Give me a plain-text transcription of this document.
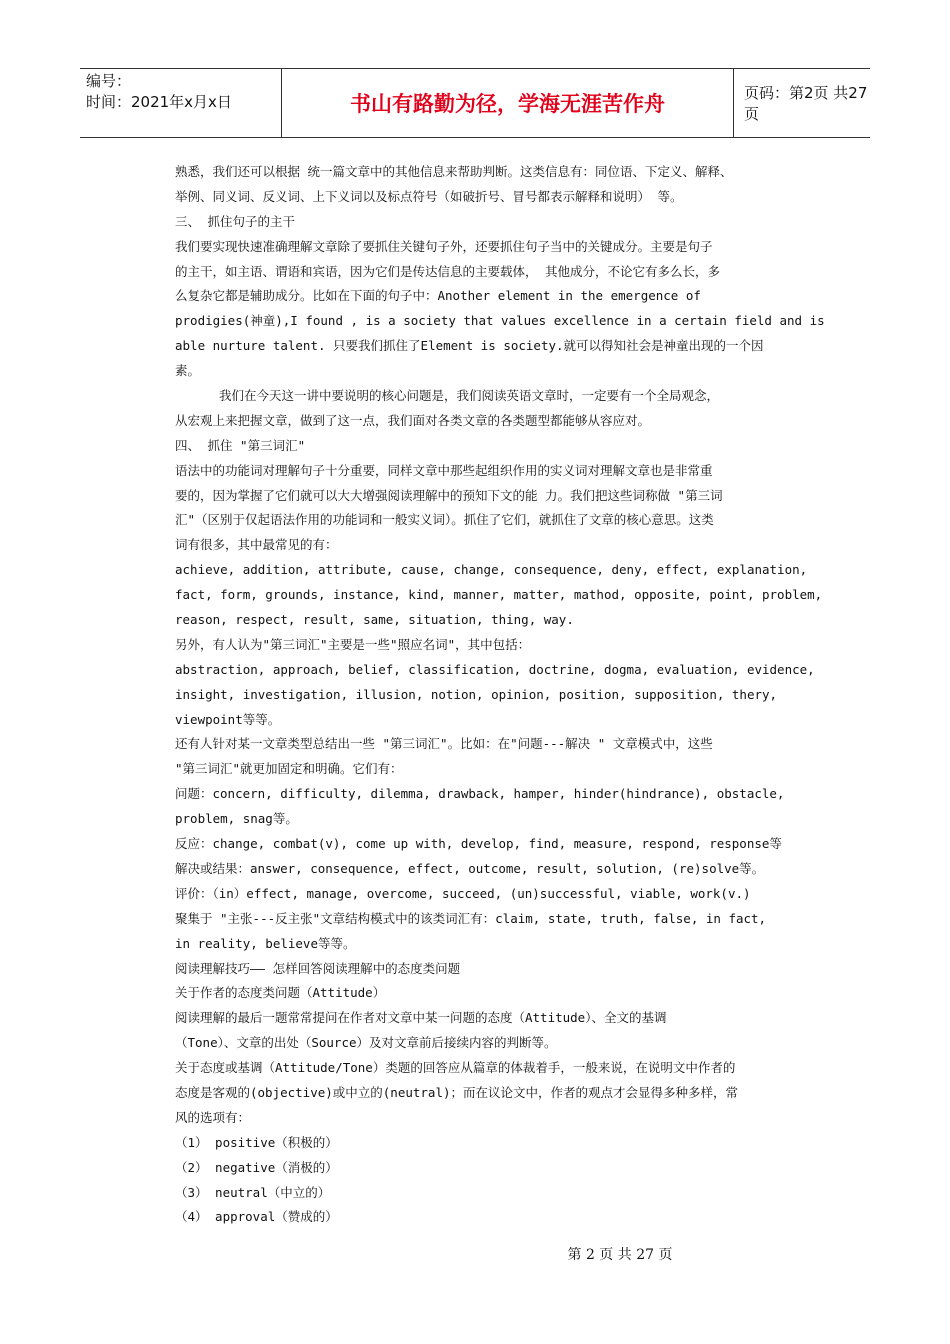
编号：
时间：2021年x月x日	书山有路勤为径，学海无涯苦作舟	页码：第2页 共27页
熟悉，我们还可以根据 统一篇文章中的其他信息来帮助判断。这类信息有：同位语、下定义、解释、
举例、同义词、反义词、上下义词以及标点符号（如破折号、冒号都表示解释和说明） 等。
三、 抓住句子的主干
我们要实现快速准确理解文章除了要抓住关键句子外，还要抓住句子当中的关键成分。主要是句子
的主干，如主语、谓语和宾语，因为它们是传达信息的主要载体， 其他成分，不论它有多么长，多
么复杂它都是辅助成分。比如在下面的句子中：Another element in the emergence of
prodigies(神童),I found , is a society that values excellence in a certain field and is
able nurture talent. 只要我们抓住了Element is society.就可以得知社会是神童出现的一个因
素。
我们在今天这一讲中要说明的核心问题是，我们阅读英语文章时，一定要有一个全局观念，
从宏观上来把握文章，做到了这一点，我们面对各类文章的各类题型都能够从容应对。
四、 抓住 "第三词汇"
语法中的功能词对理解句子十分重要，同样文章中那些起组织作用的实义词对理解文章也是非常重
要的，因为掌握了它们就可以大大增强阅读理解中的预知下文的能 力。我们把这些词称做 "第三词
汇"（区别于仅起语法作用的功能词和一般实义词）。抓住了它们，就抓住了文章的核心意思。这类
词有很多，其中最常见的有：
achieve, addition, attribute, cause, change, consequence, deny, effect, explanation,
fact, form, grounds, instance, kind, manner, matter, mathod, opposite, point, problem,
reason, respect, result, same, situation, thing, way.
另外，有人认为"第三词汇"主要是一些"照应名词"，其中包括：
abstraction, approach, belief, classification, doctrine, dogma, evaluation, evidence,
insight, investigation, illusion, notion, opinion, position, supposition, thery,
viewpoint等等。
还有人针对某一文章类型总结出一些 "第三词汇"。比如：在"问题---解决 " 文章模式中，这些
"第三词汇"就更加固定和明确。它们有：
问题：concern, difficulty, dilemma, drawback, hamper, hinder(hindrance), obstacle,
problem, snag等。
反应：change, combat(v), come up with, develop, find, measure, respond, response等
解决或结果：answer, consequence, effect, outcome, result, solution, (re)solve等。
评价：（in）effect, manage, overcome, succeed, (un)successful, viable, work(v.)
聚集于 "主张---反主张"文章结构模式中的该类词汇有：claim, state, truth, false, in fact,
in reality, believe等等。
阅读理解技巧—— 怎样回答阅读理解中的态度类问题
关于作者的态度类问题（Attitude）
阅读理解的最后一题常常提问在作者对文章中某一问题的态度（Attitude）、全文的基调
（Tone）、文章的出处（Source）及对文章前后接续内容的判断等。
关于态度或基调（Attitude/Tone）类题的回答应从篇章的体裁着手，一般来说，在说明文中作者的
态度是客观的(objective)或中立的(neutral)；而在议论文中，作者的观点才会显得多种多样，常
风的选项有：
（1） positive（积极的）
（2） negative（消极的）
（3） neutral（中立的）
（4） approval（赞成的）
第 2 页 共 27 页
